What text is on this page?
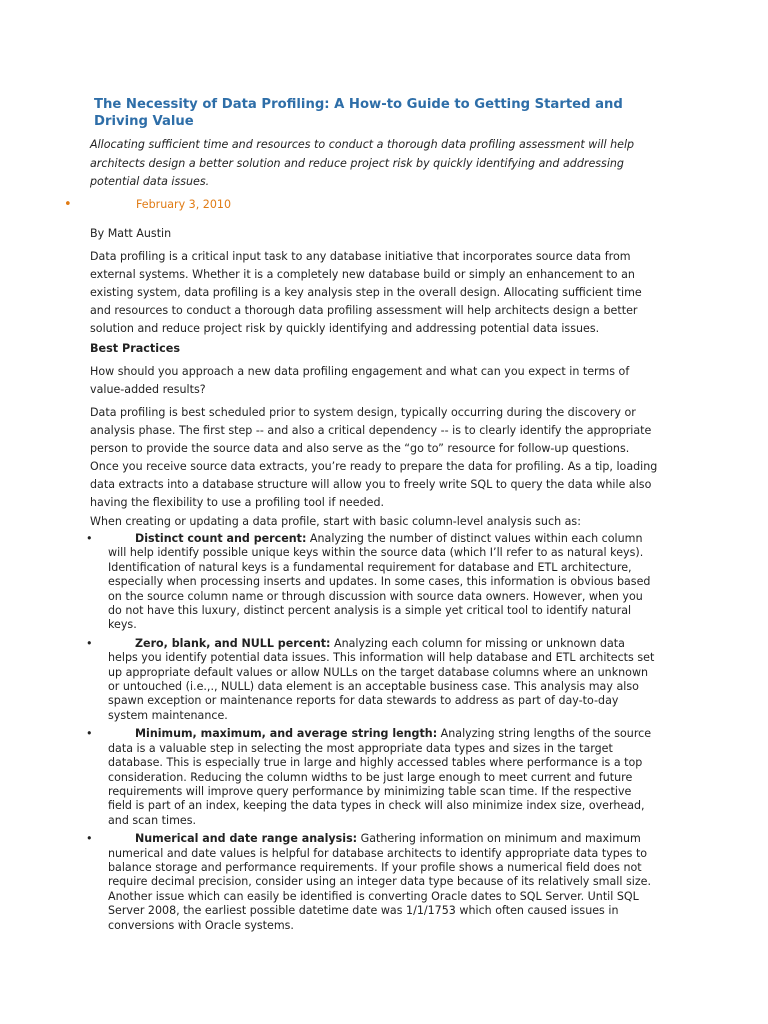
The Necessity of Data Profiling: A How-to Guide to Getting Started and Driving Value

Allocating sufficient time and resources to conduct a thorough data profiling assessment will help architects design a better solution and reduce project risk by quickly identifying and addressing potential data issues.

•	February 3, 2010

By Matt Austin

Data profiling is a critical input task to any database initiative that incorporates source data from external systems. Whether it is a completely new database build or simply an enhancement to an existing system, data profiling is a key analysis step in the overall design. Allocating sufficient time and resources to conduct a thorough data profiling assessment will help architects design a better solution and reduce project risk by quickly identifying and addressing potential data issues.

Best Practices

How should you approach a new data profiling engagement and what can you expect in terms of value-added results?

Data profiling is best scheduled prior to system design, typically occurring during the discovery or analysis phase. The first step -- and also a critical dependency -- is to clearly identify the appropriate person to provide the source data and also serve as the “go to” resource for follow-up questions. Once you receive source data extracts, you’re ready to prepare the data for profiling. As a tip, loading data extracts into a database structure will allow you to freely write SQL to query the data while also having the flexibility to use a profiling tool if needed.

When creating or updating a data profile, start with basic column-level analysis such as:

•	Distinct count and percent: Analyzing the number of distinct values within each column will help identify possible unique keys within the source data (which I’ll refer to as natural keys). Identification of natural keys is a fundamental requirement for database and ETL architecture, especially when processing inserts and updates. In some cases, this information is obvious based on the source column name or through discussion with source data owners. However, when you do not have this luxury, distinct percent analysis is a simple yet critical tool to identify natural keys.
•	Zero, blank, and NULL percent: Analyzing each column for missing or unknown data helps you identify potential data issues. This information will help database and ETL architects set up appropriate default values or allow NULLs on the target database columns where an unknown or untouched (i.e.,., NULL) data element is an acceptable business case. This analysis may also spawn exception or maintenance reports for data stewards to address as part of day-to-day system maintenance.
•	Minimum, maximum, and average string length: Analyzing string lengths of the source data is a valuable step in selecting the most appropriate data types and sizes in the target database. This is especially true in large and highly accessed tables where performance is a top consideration. Reducing the column widths to be just large enough to meet current and future requirements will improve query performance by minimizing table scan time. If the respective field is part of an index, keeping the data types in check will also minimize index size, overhead, and scan times.
•	Numerical and date range analysis: Gathering information on minimum and maximum numerical and date values is helpful for database architects to identify appropriate data types to balance storage and performance requirements. If your profile shows a numerical field does not require decimal precision, consider using an integer data type because of its relatively small size. Another issue which can easily be identified is converting Oracle dates to SQL Server. Until SQL Server 2008, the earliest possible datetime date was 1/1/1753 which often caused issues in conversions with Oracle systems.
